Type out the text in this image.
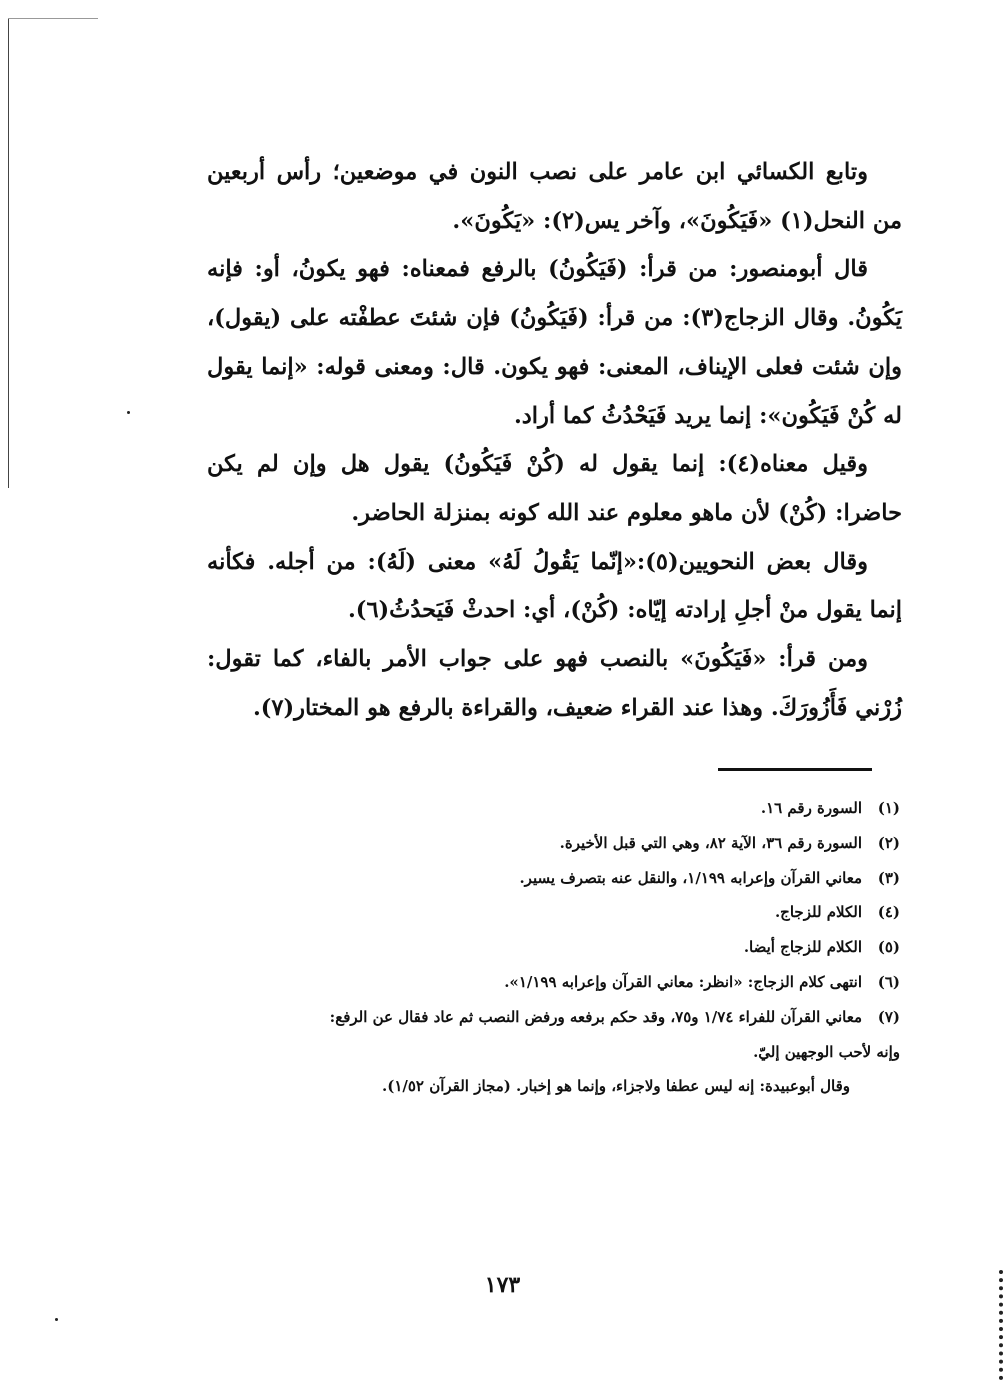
وتابع الكسائي ابن عامر على نصب النون في موضعين؛ رأس أربعين من النحل(١) «فَيَكُونَ»، وآخر يس(٢): «يَكُونَ».

قال أبومنصور: من قرأ: (فَيَكُونُ) بالرفع فمعناه: فهو يكونُ، أو: فإنه يَكُونُ. وقال الزجاج(٣): من قرأ: (فَيَكُونُ) فإن شئتَ عطفْته على (يقول)، وإن شئت فعلى الإيناف، المعنى: فهو يكون. قال: ومعنى قوله: «إنما يقول له كُنْ فَيَكُون»: إنما يريد فَيَحْدُثُ كما أراد.

وقيل معناه(٤): إنما يقول له (كُنْ فَيَكُونُ) يقول هل وإن لم يكن حاضرا: (كُنْ) لأن ماهو معلوم عند الله كونه بمنزلة الحاضر.

وقال بعض النحويين(٥):«إنّما يَقُولُ لَهُ» معنى (لَهُ): من أجله. فكأنه إنما يقول منْ أجلِ إرادته إيّاه: (كُنْ)، أي: احدثْ فَيَحدُثُ(٦).

ومن قرأ: «فَيَكُونَ» بالنصب فهو على جواب الأمر بالفاء، كما تقول: زُرْني فَأَزُورَكَ. وهذا عند القراء ضعيف، والقراءة بالرفع هو المختار(٧).

(١)السورة رقم ١٦.

(٢)السورة رقم ٣٦، الآية ٨٢، وهي التي قبل الأخيرة.

(٣)معاني القرآن وإعرابه ١/١٩٩، والنقل عنه بتصرف يسير.

(٤)الكلام للزجاج.

(٥)الكلام للزجاج أيضا.

(٦)انتهى كلام الزجاج: «انظر: معاني القرآن وإعرابه ١/١٩٩».

(٧)معاني القرآن للفراء ١/٧٤ و٧٥، وقد حكم برفعه ورفض النصب ثم عاد فقال عن الرفع:

وإنه لأحب الوجهين إليّ.

وقال أبوعبيدة: إنه ليس عطفا ولاجزاء، وإنما هو إخبار. (مجاز القرآن ١/٥٢).

١٧٣
